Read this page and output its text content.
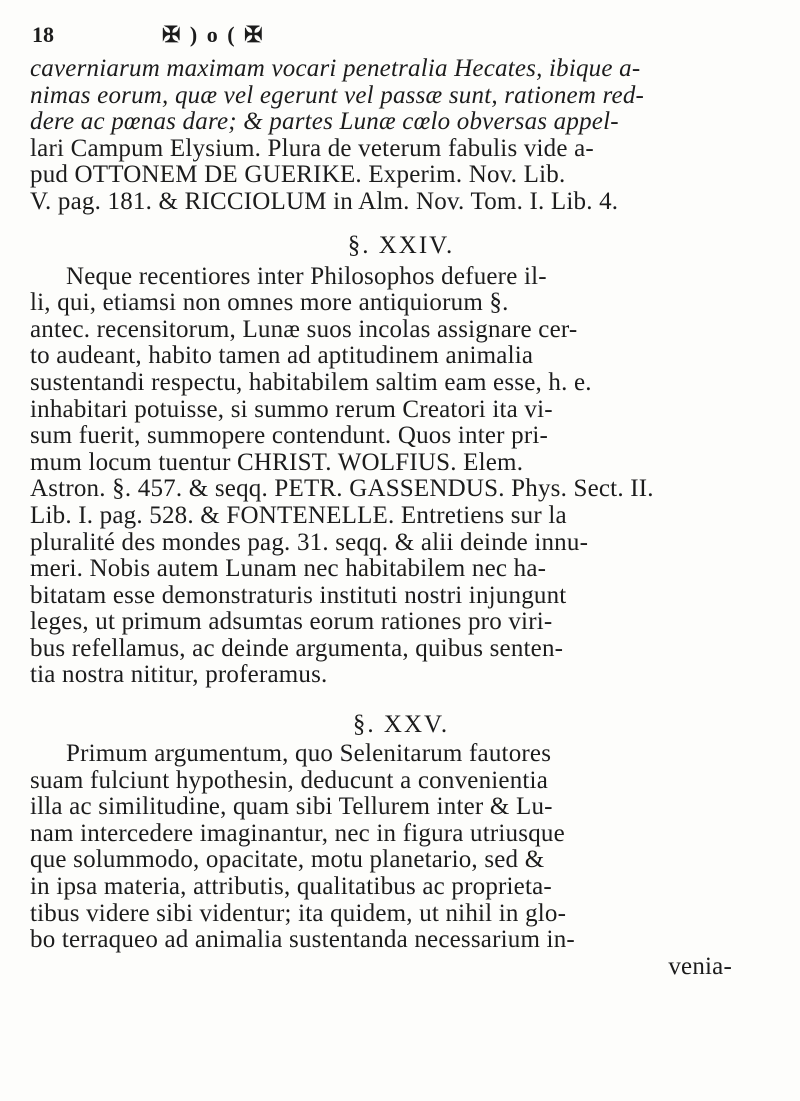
18	✠ ) o ( ✠
caverniarum maximam vocari penetralia Hecates, ibique a-
nimas eorum, quæ vel egerunt vel passæ sunt, rationem red-
dere ac pœnas dare; & partes Lunæ cœlo obversas appel-
lari Campum Elysium. Plura de veterum fabulis vide a-
pud OTTONEM DE GUERIKE. Experim. Nov. Lib.
V. pag. 181. & RICCIOLUM in Alm. Nov. Tom. I. Lib. 4.
§. XXIV.
Neque recentiores inter Philosophos defuere il-
li, qui, etiamsi non omnes more antiquiorum §.
antec. recensitorum, Lunæ suos incolas assignare cer-
to audeant, habito tamen ad aptitudinem animalia
sustentandi respectu, habitabilem saltim eam esse, h. e.
inhabitari potuisse, si summo rerum Creatori ita vi-
sum fuerit, summopere contendunt. Quos inter pri-
mum locum tuentur CHRIST. WOLFIUS. Elem.
Astron. §. 457. & seqq. PETR. GASSENDUS. Phys. Sect. II.
Lib. I. pag. 528. & FONTENELLE. Entretiens sur la
pluralité des mondes pag. 31. seqq. & alii deinde innu-
meri. Nobis autem Lunam nec habitabilem nec ha-
bitatam esse demonstraturis instituti nostri injungunt
leges, ut primum adsumtas eorum rationes pro viri-
bus refellamus, ac deinde argumenta, quibus senten-
tia nostra nititur, proferamus.
§. XXV.
Primum argumentum, quo Selenitarum fautores
suam fulciunt hypothesin, deducunt a convenientia
illa ac similitudine, quam sibi Tellurem inter & Lu-
nam intercedere imaginantur, nec in figura utriusque
que solummodo, opacitate, motu planetario, sed &
in ipsa materia, attributis, qualitatibus ac proprieta-
tibus videre sibi videntur; ita quidem, ut nihil in glo-
bo terraqueo ad animalia sustentanda necessarium in-
venia-
